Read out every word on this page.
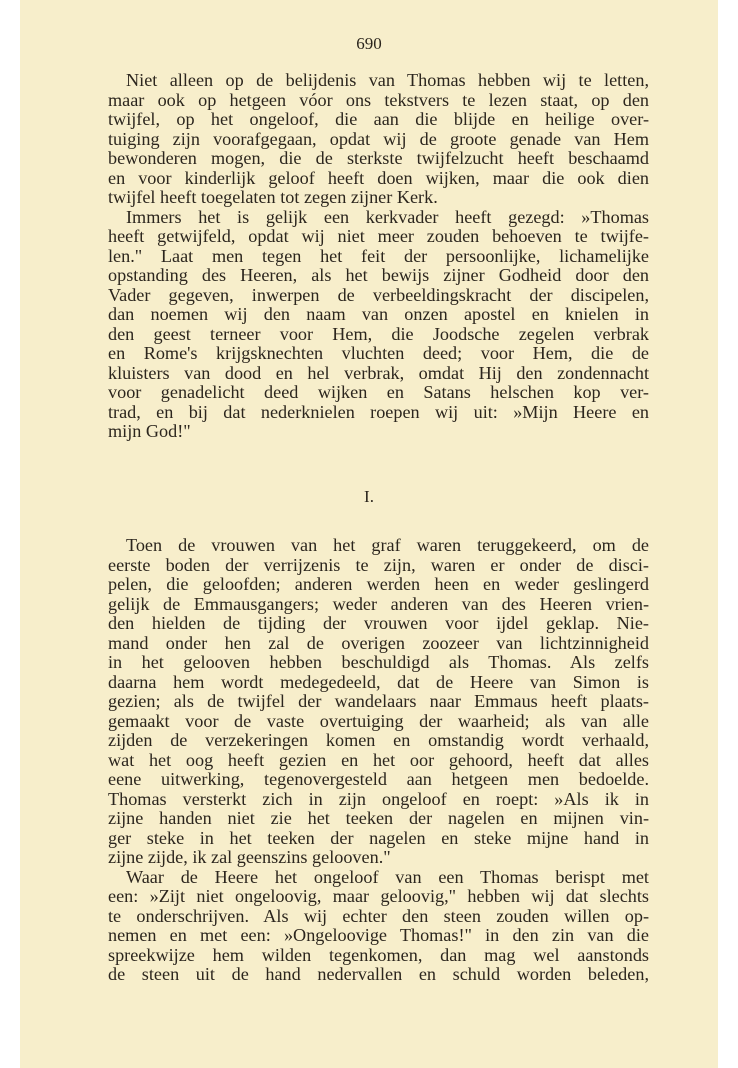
690
Niet alleen op de belijdenis van Thomas hebben wij te letten,
maar ook op hetgeen vóor ons tekstvers te lezen staat, op den
twijfel, op het ongeloof, die aan die blijde en heilige over-
tuiging zijn voorafgegaan, opdat wij de groote genade van Hem
bewonderen mogen, die de sterkste twijfelzucht heeft beschaamd
en voor kinderlijk geloof heeft doen wijken, maar die ook dien
twijfel heeft toegelaten tot zegen zijner Kerk.
Immers het is gelijk een kerkvader heeft gezegd: »Thomas
heeft getwijfeld, opdat wij niet meer zouden behoeven te twijfe-
len." Laat men tegen het feit der persoonlijke, lichamelijke
opstanding des Heeren, als het bewijs zijner Godheid door den
Vader gegeven, inwerpen de verbeeldingskracht der discipelen,
dan noemen wij den naam van onzen apostel en knielen in
den geest terneer voor Hem, die Joodsche zegelen verbrak
en Rome's krijgsknechten vluchten deed; voor Hem, die de
kluisters van dood en hel verbrak, omdat Hij den zondennacht
voor genadelicht deed wijken en Satans helschen kop ver-
trad, en bij dat nederknielen roepen wij uit: »Mijn Heere en
mijn God!"
I.
Toen de vrouwen van het graf waren teruggekeerd, om de
eerste boden der verrijzenis te zijn, waren er onder de disci-
pelen, die geloofden; anderen werden heen en weder geslingerd
gelijk de Emmausgangers; weder anderen van des Heeren vrien-
den hielden de tijding der vrouwen voor ijdel geklap. Nie-
mand onder hen zal de overigen zoozeer van lichtzinnigheid
in het gelooven hebben beschuldigd als Thomas. Als zelfs
daarna hem wordt medegedeeld, dat de Heere van Simon is
gezien; als de twijfel der wandelaars naar Emmaus heeft plaats-
gemaakt voor de vaste overtuiging der waarheid; als van alle
zijden de verzekeringen komen en omstandig wordt verhaald,
wat het oog heeft gezien en het oor gehoord, heeft dat alles
eene uitwerking, tegenovergesteld aan hetgeen men bedoelde.
Thomas versterkt zich in zijn ongeloof en roept: »Als ik in
zijne handen niet zie het teeken der nagelen en mijnen vin-
ger steke in het teeken der nagelen en steke mijne hand in
zijne zijde, ik zal geenszins gelooven."
Waar de Heere het ongeloof van een Thomas berispt met
een: »Zijt niet ongeloovig, maar geloovig," hebben wij dat slechts
te onderschrijven. Als wij echter den steen zouden willen op-
nemen en met een: »Ongeloovige Thomas!" in den zin van die
spreekwijze hem wilden tegenkomen, dan mag wel aanstonds
de steen uit de hand nedervallen en schuld worden beleden,
